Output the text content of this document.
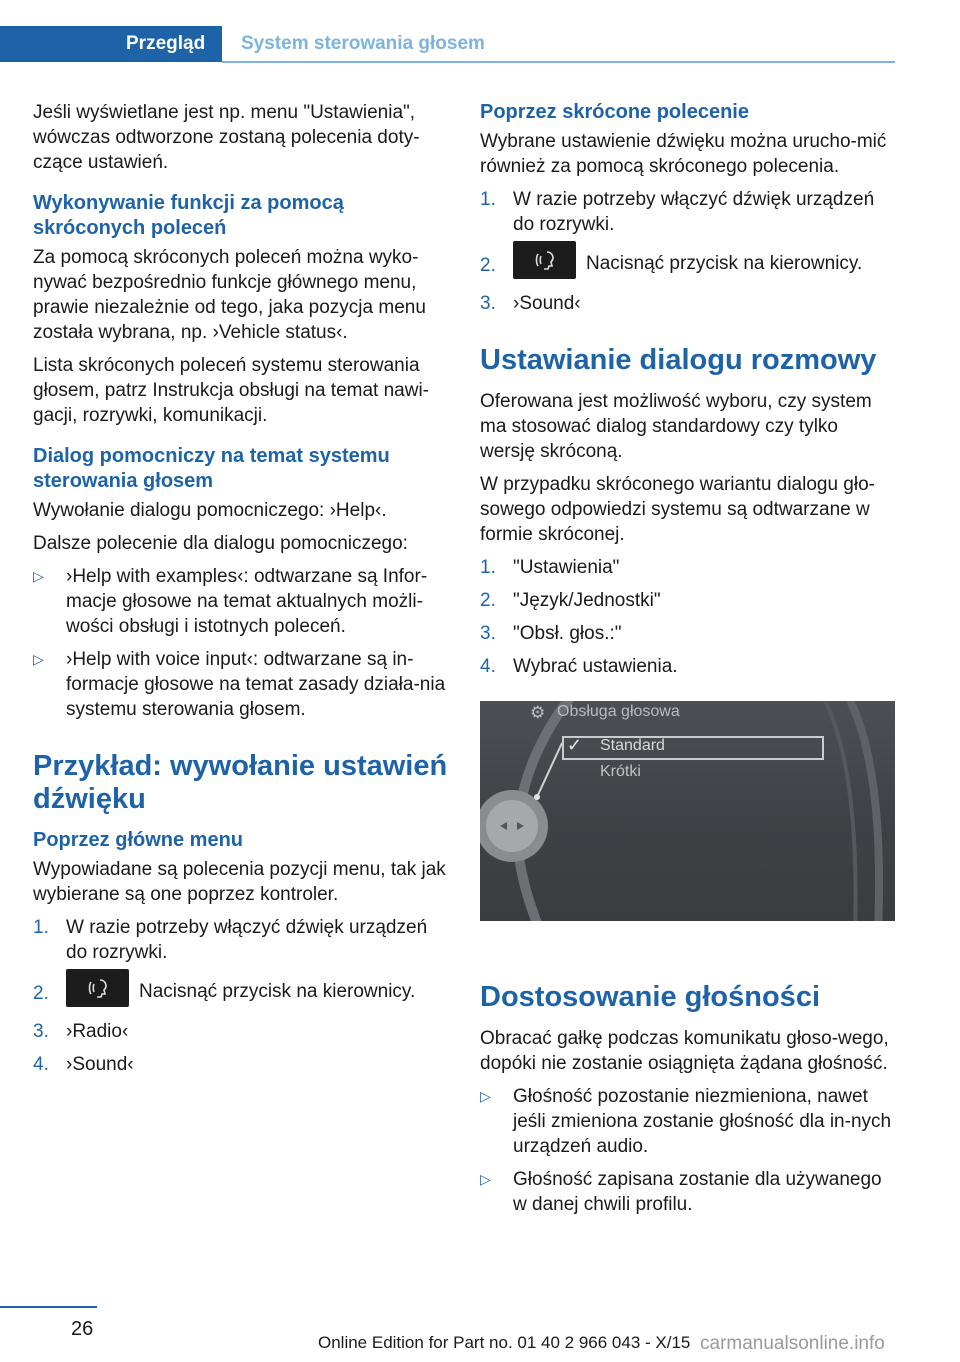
Przegląd	System sterowania głosem

Jeśli wyświetlane jest np. menu "Ustawienia", wówczas odtworzone zostaną polecenia doty-czące ustawień.

Wykonywanie funkcji za pomocą skróconych poleceń

Za pomocą skróconych poleceń można wyko-nywać bezpośrednio funkcje głównego menu, prawie niezależnie od tego, jaka pozycja menu została wybrana, np. ›Vehicle status‹.

Lista skróconych poleceń systemu sterowania głosem, patrz Instrukcja obsługi na temat nawi-gacji, rozrywki, komunikacji.

Dialog pomocniczy na temat systemu sterowania głosem

Wywołanie dialogu pomocniczego: ›Help‹.

Dalsze polecenie dla dialogu pomocniczego:

▷ ›Help with examples‹: odtwarzane są Infor-macje głosowe na temat aktualnych możli-wości obsługi i istotnych poleceń.
▷ ›Help with voice input‹: odtwarzane są in-formacje głosowe na temat zasady działa-nia systemu sterowania głosem.
Przykład: wywołanie ustawień dźwięku
Poprzez główne menu

Wypowiadane są polecenia pozycji menu, tak jak wybierane są one poprzez kontroler.

1. W razie potrzeby włączyć dźwięk urządzeń do rozrywki.
2.	Nacisnąć przycisk na kierownicy.
3. ›Radio‹
4. ›Sound‹
Poprzez skrócone polecenie

Wybrane ustawienie dźwięku można urucho-mić również za pomocą skróconego polecenia.

1. W razie potrzeby włączyć dźwięk urządzeń do rozrywki.
2.	Nacisnąć przycisk na kierownicy.
3. ›Sound‹
Ustawianie dialogu rozmowy

Oferowana jest możliwość wyboru, czy system ma stosować dialog standardowy czy tylko wersję skróconą.

W przypadku skróconego wariantu dialogu gło-sowego odpowiedzi systemu są odtwarzane w formie skróconej.

1. "Ustawienia"
2. "Język/Jednostki"
3. "Obsł. głos.:"
4. Wybrać ustawienia.
⚙ Obsługa głosowa
✓ Standard
Krótki
Dostosowanie głośności

Obracać gałkę podczas komunikatu głoso-wego, dopóki nie zostanie osiągnięta żądana głośność.

▷ Głośność pozostanie niezmieniona, nawet jeśli zmieniona zostanie głośność dla in-nych urządzeń audio.
▷ Głośność zapisana zostanie dla używanego w danej chwili profilu.
26
Online Edition for Part no. 01 40 2 966 043 - X/15 carmanualsonline.info
